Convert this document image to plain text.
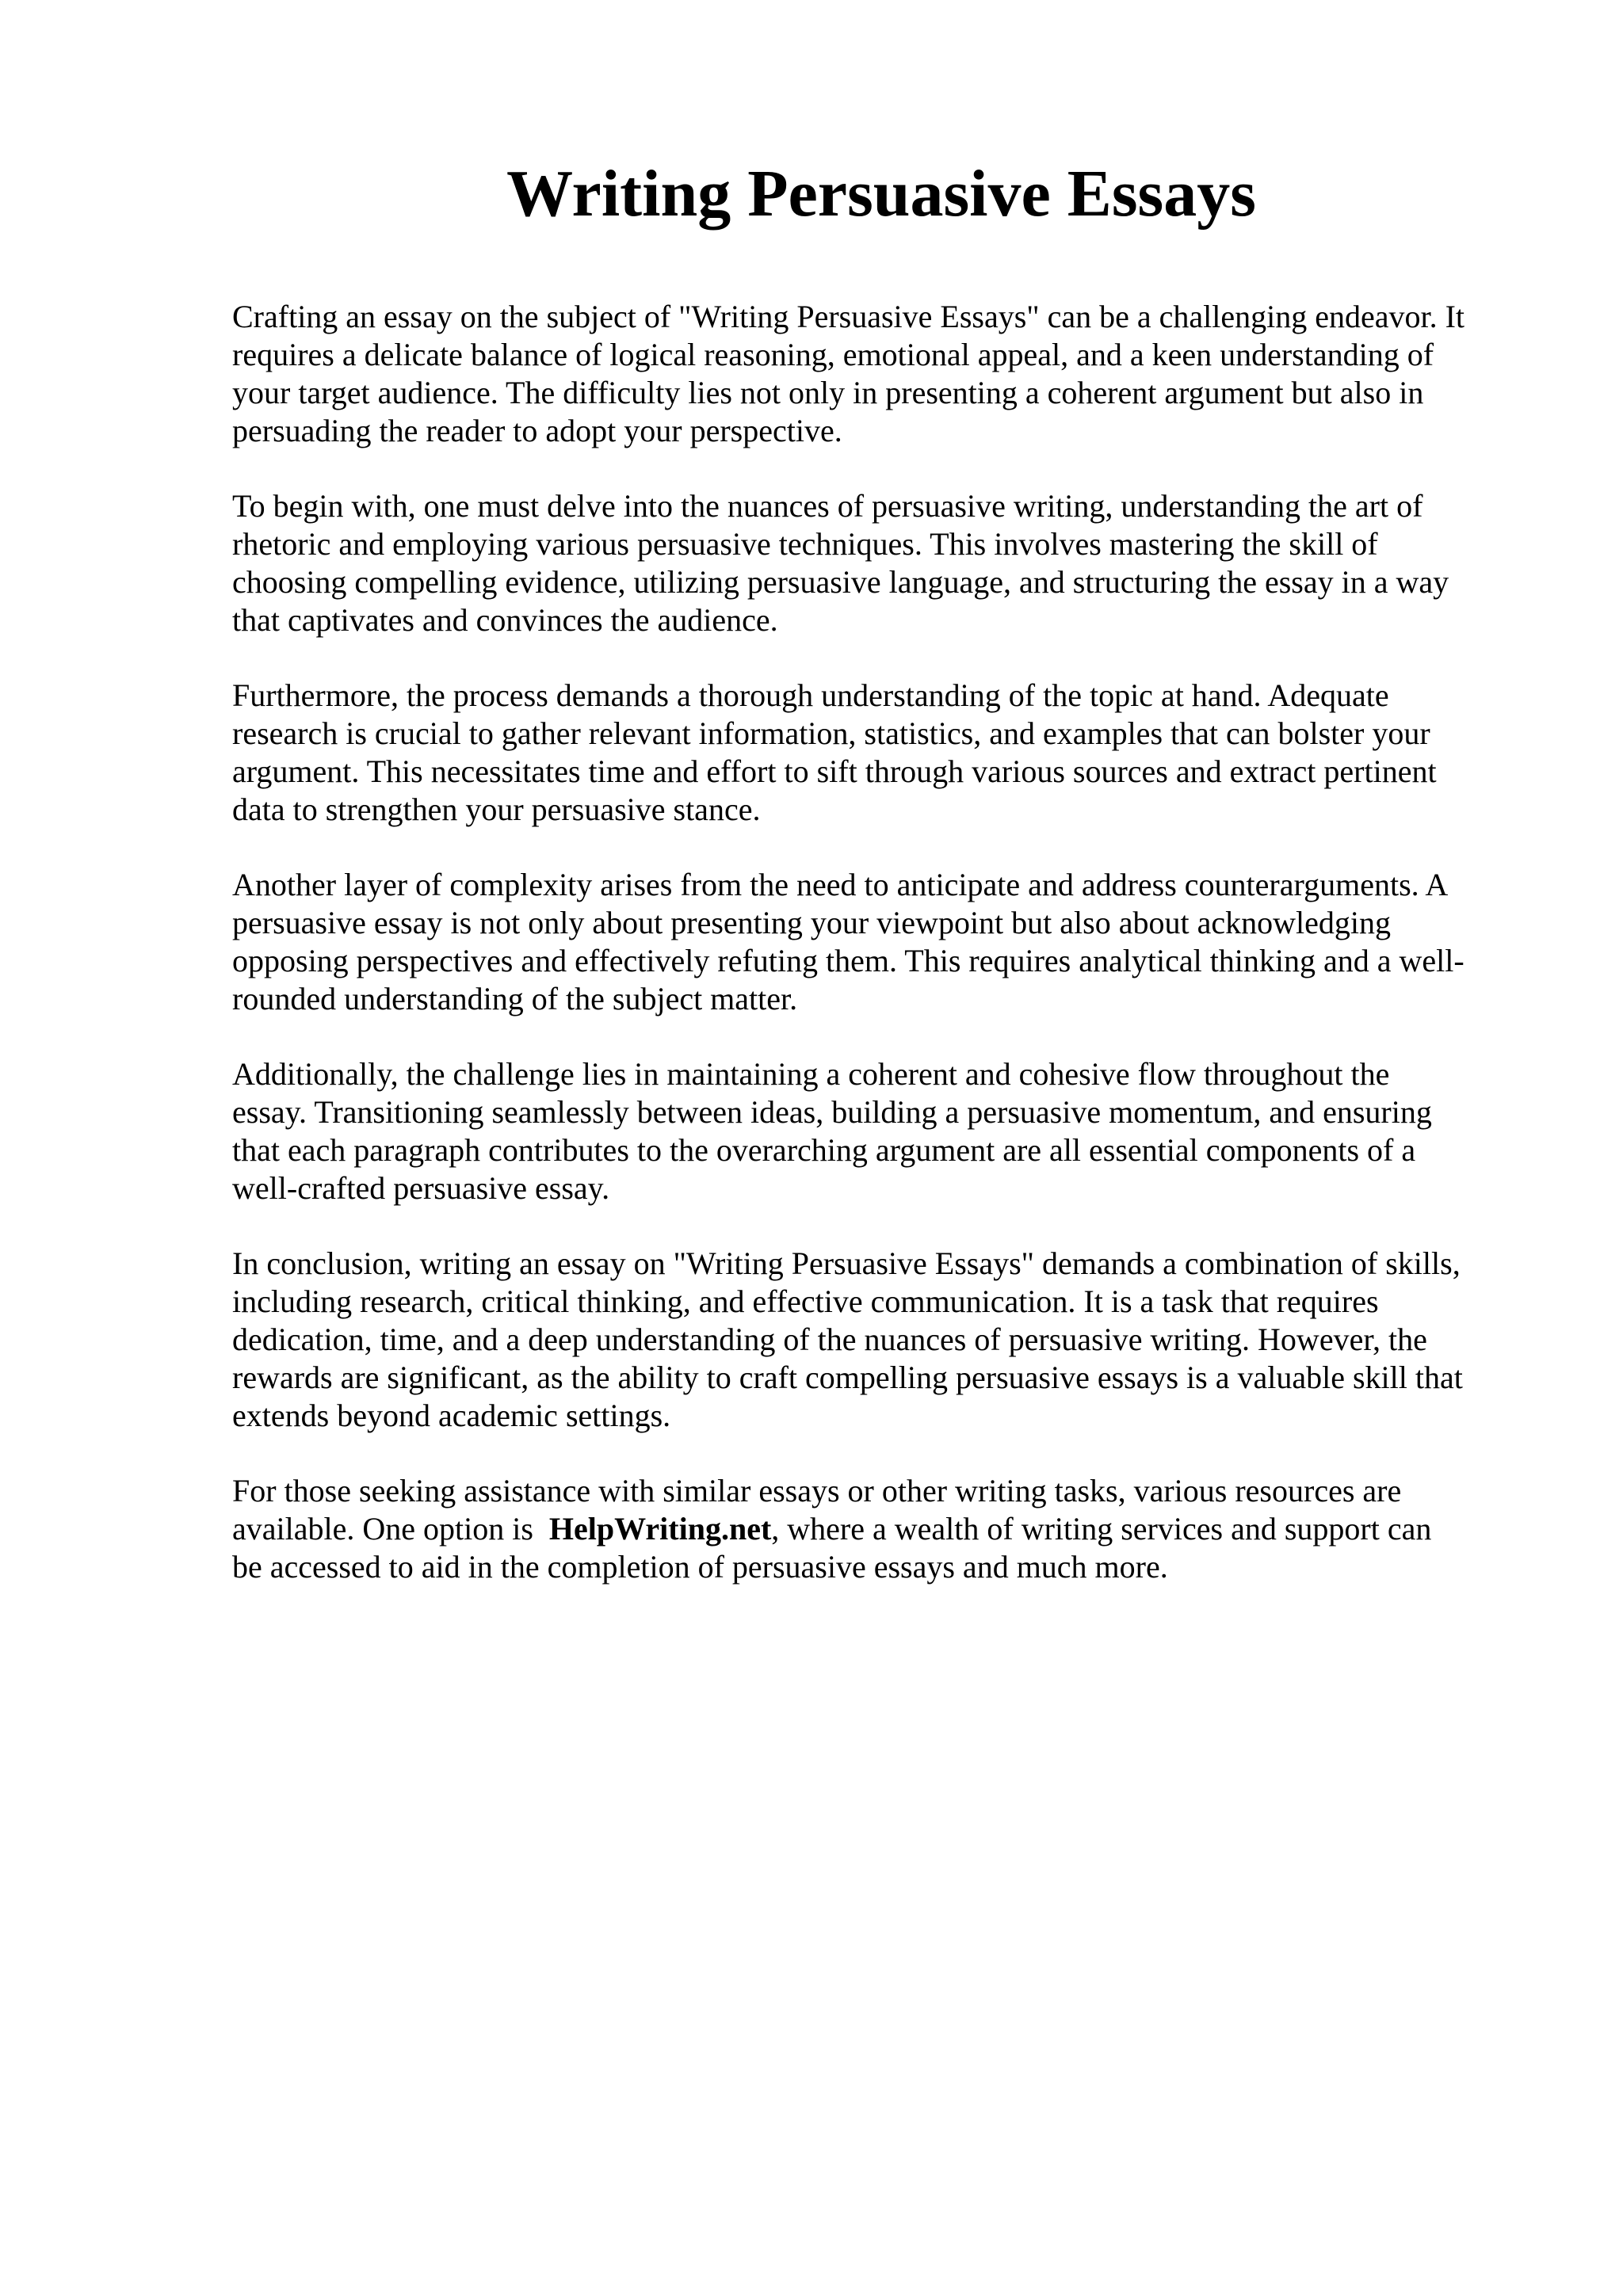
Writing Persuasive Essays

Crafting an essay on the subject of "Writing Persuasive Essays" can be a challenging endeavor. It
requires a delicate balance of logical reasoning, emotional appeal, and a keen understanding of
your target audience. The difficulty lies not only in presenting a coherent argument but also in
persuading the reader to adopt your perspective.

To begin with, one must delve into the nuances of persuasive writing, understanding the art of
rhetoric and employing various persuasive techniques. This involves mastering the skill of
choosing compelling evidence, utilizing persuasive language, and structuring the essay in a way
that captivates and convinces the audience.

Furthermore, the process demands a thorough understanding of the topic at hand. Adequate
research is crucial to gather relevant information, statistics, and examples that can bolster your
argument. This necessitates time and effort to sift through various sources and extract pertinent
data to strengthen your persuasive stance.

Another layer of complexity arises from the need to anticipate and address counterarguments. A
persuasive essay is not only about presenting your viewpoint but also about acknowledging
opposing perspectives and effectively refuting them. This requires analytical thinking and a well-
rounded understanding of the subject matter.

Additionally, the challenge lies in maintaining a coherent and cohesive flow throughout the
essay. Transitioning seamlessly between ideas, building a persuasive momentum, and ensuring
that each paragraph contributes to the overarching argument are all essential components of a
well-crafted persuasive essay.

In conclusion, writing an essay on "Writing Persuasive Essays" demands a combination of skills,
including research, critical thinking, and effective communication. It is a task that requires
dedication, time, and a deep understanding of the nuances of persuasive writing. However, the
rewards are significant, as the ability to craft compelling persuasive essays is a valuable skill that
extends beyond academic settings.

For those seeking assistance with similar essays or other writing tasks, various resources are
available. One option is HelpWriting.net, where a wealth of writing services and support can
be accessed to aid in the completion of persuasive essays and much more.
